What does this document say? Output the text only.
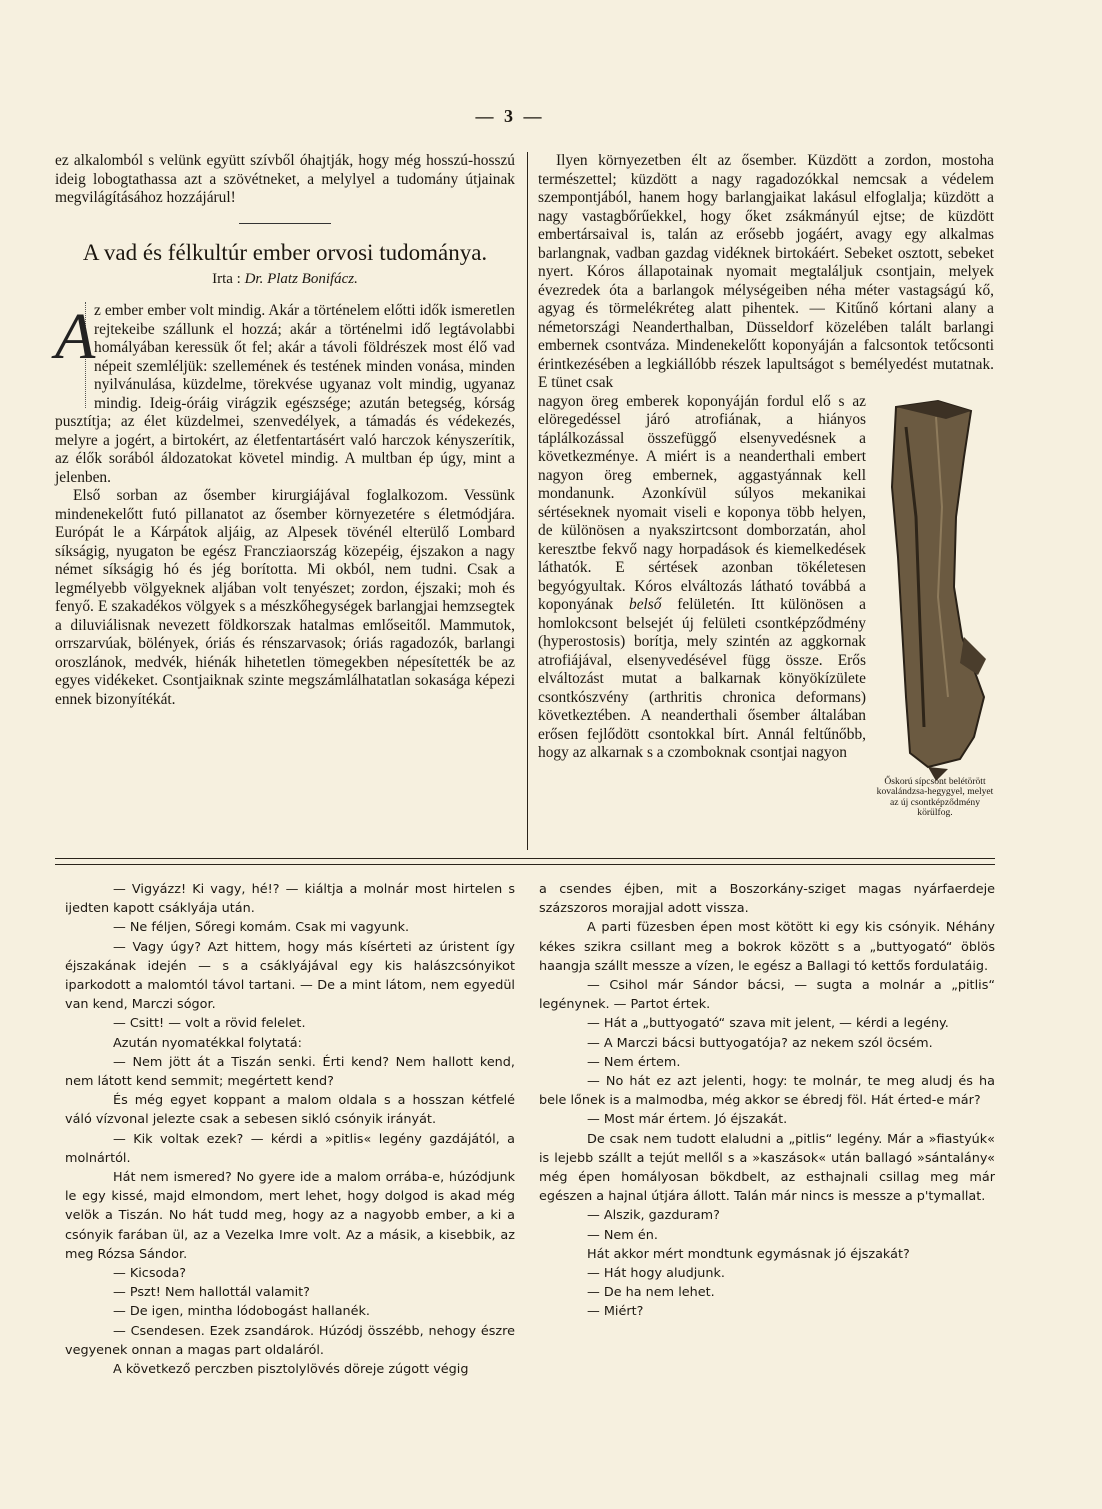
— 3 —

ez alkalomból s velünk együtt szívből óhajtják, hogy még hosszú-hosszú ideig lobogtathassa azt a szövétneket, a melylyel a tudomány útjainak megvilágításához hozzájárul!

A vad és félkultúr ember orvosi tudománya.
Irta : Dr. Platz Bonifácz.
A

z ember ember volt mindig. Akár a történelem előtti idők ismeretlen rejtekeibe szállunk el hozzá; akár a történelmi idő legtávolabbi homályában keressük őt fel; akár a távoli földrészek most élő vad népeit szemléljük: szellemének és testének minden vonása, minden nyilvánulása, küzdelme, törekvése ugyanaz volt mindig, ugyanaz mindig. Ideig-óráig virágzik egészsége; azután betegség, kórság pusztítja; az élet küzdelmei, szenvedélyek, a támadás és védekezés, melyre a jogért, a birtokért, az életfentartásért való harczok kényszerítik, az élők sorából áldozatokat követel mindig. A multban ép úgy, mint a jelenben.

Első sorban az ősember kirurgiájával foglalkozom. Vessünk mindenekelőtt futó pillanatot az ősember környezetére s életmódjára. Európát le a Kárpátok aljáig, az Alpesek tövénél elterülő Lombard síkságig, nyugaton be egész Francziaország közepéig, éjszakon a nagy német síkságig hó és jég borította. Mi okból, nem tudni. Csak a legmélyebb völgyeknek aljában volt tenyészet; zordon, éjszaki; moh és fenyő. E szakadékos völgyek s a mészkőhegységek barlangjai hemzsegtek a diluviálisnak nevezett földkorszak hatalmas emlőseitől. Mammutok, orrszarvúak, bölények, óriás és rénszarvasok; óriás ragadozók, barlangi oroszlánok, medvék, hiénák hihetetlen tömegekben népesítették be az egyes vidékeket. Csontjaiknak szinte megszámlálhatatlan sokasága képezi ennek bizonyítékát.

Ilyen környezetben élt az ősember. Küzdött a zordon, mostoha természettel; küzdött a nagy ragadozókkal nemcsak a védelem szempontjából, hanem hogy barlangjaikat lakásul elfoglalja; küzdött a nagy vastagbőrűekkel, hogy őket zsákmányúl ejtse; de küzdött embertársaival is, talán az erősebb jogáért, avagy egy alkalmas barlangnak, vadban gazdag vidéknek birtokáért. Sebeket osztott, sebeket nyert. Kóros állapotainak nyomait megtaláljuk csontjain, melyek évezredek óta a barlangok mélységeiben néha méter vastagságú kő, agyag és törmelékréteg alatt pihentek. — Kitűnő kórtani alany a németországi Neanderthalban, Düsseldorf közelében talált barlangi embernek csontváza. Mindenekelőtt koponyáján a falcsontok tetőcsonti érintkezésében a legkiállóbb részek lapultságot s bemélyedést mutatnak. E tünet csak

Őskorú sípcsont belétörött kovalándzsa-hegygyel, melyet az új csontképződmény körülfog.

nagyon öreg emberek koponyáján fordul elő s az elöregedéssel járó atrofiának, a hiányos táplálkozással összefüggő elsenyvedésnek a következménye. A miért is a neanderthali embert nagyon öreg embernek, aggastyánnak kell mondanunk. Azonkívül súlyos mekanikai sértéseknek nyomait viseli e koponya több helyen, de különösen a nyakszirtcsont domborzatán, ahol keresztbe fekvő nagy horpadások és kiemelkedések láthatók. E sértések azonban tökéletesen begyógyultak. Kóros elváltozás látható továbbá a koponyának belső felületén. Itt különösen a homlokcsont belsejét új felületi csontképződmény (hyperostosis) borítja, mely szintén az aggkornak atrofiájával, elsenyvedésével függ össze. Erős elváltozást mutat a balkarnak könyökízülete csontkószvény (arthritis chronica deformans) következtében. A neanderthali ősember általában erősen fejlődött csontokkal bírt. Annál feltűnőbb, hogy az alkarnak s a czomboknak csontjai nagyon

— Vigyázz! Ki vagy, hé!? — kiáltja a molnár most hirtelen s ijedten kapott csáklyája után.

— Ne féljen, Sőregi komám. Csak mi vagyunk.

— Vagy úgy? Azt hittem, hogy más kísérteti az úristent így éjszakának idején — s a csáklyájával egy kis halászcsónyikot iparkodott a malomtól távol tartani. — De a mint látom, nem egyedül van kend, Marczi sógor.

— Csitt! — volt a rövid felelet.

Azután nyomatékkal folytatá:

— Nem jött át a Tiszán senki. Érti kend? Nem hallott kend, nem látott kend semmit; megértett kend?

És még egyet koppant a malom oldala s a hosszan kétfelé váló vízvonal jelezte csak a sebesen sikló csónyik irányát.

— Kik voltak ezek? — kérdi a »pitlis« legény gazdájától, a molnártól.

Hát nem ismered? No gyere ide a malom orrába-e, húzódjunk le egy kissé, majd elmondom, mert lehet, hogy dolgod is akad még velök a Tiszán. No hát tudd meg, hogy az a nagyobb ember, a ki a csónyik farában ül, az a Vezelka Imre volt. Az a másik, a kisebbik, az meg Rózsa Sándor.

— Kicsoda?

— Pszt! Nem hallottál valamit?

— De igen, mintha lódobogást hallanék.

— Csendesen. Ezek zsandárok. Húzódj összébb, nehogy észre vegyenek onnan a magas part oldaláról.

A következő perczben pisztolylövés döreje zúgott végig

a csendes éjben, mit a Boszorkány-sziget magas nyárfaerdeje százszoros morajjal adott vissza.

A parti füzesben épen most kötött ki egy kis csónyik. Néhány kékes szikra csillant meg a bokrok között s a „buttyogató“ öblös haangja szállt messze a vízen, le egész a Ballagi tó kettős fordulatáig.

— Csihol már Sándor bácsi, — sugta a molnár a „pitlis“ legénynek. — Partot értek.

— Hát a „buttyogató“ szava mit jelent, — kérdi a legény.

— A Marczi bácsi buttyogatója? az nekem szól öcsém.

— Nem értem.

— No hát ez azt jelenti, hogy: te molnár, te meg aludj és ha bele lőnek is a malmodba, még akkor se ébredj föl. Hát érted-e már?

— Most már értem. Jó éjszakát.

De csak nem tudott elaludni a „pitlis“ legény. Már a »fiastyúk« is lejebb szállt a tejút mellől s a »kaszások« után ballagó »sántalány« még épen homályosan bökdbelt, az esthajnali csillag meg már egészen a hajnal útjára állott. Talán már nincs is messze a p'tymallat.

— Alszik, gazduram?

— Nem én.

Hát akkor mért mondtunk egymásnak jó éjszakát?

— Hát hogy aludjunk.

— De ha nem lehet.

— Miért?
